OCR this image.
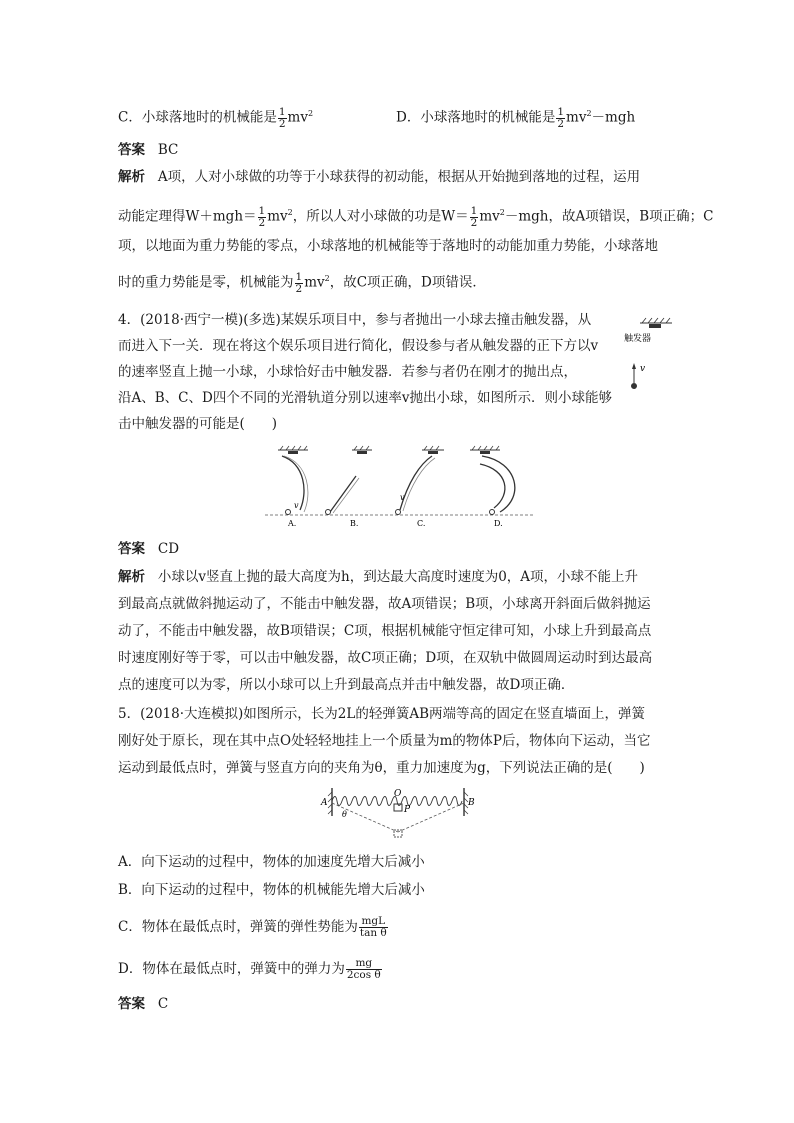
C．小球落地时的机械能是 $\frac{1}{2} mv^2$	D．小球落地时的机械能是 $\frac{1}{2} mv^2-mgh$
答案 BC
解析 A项，人对小球做的功等于小球获得的初动能，根据从开始抛到落地的过程，运用
动能定理得$W+mgh= \frac{1}{2} mv^2$，所以人对小球做的功是$W= \frac{1}{2} mv^2-mgh$，故A项错误，B项正确；C
项，以地面为重力势能的零点，小球落地的机械能等于落地时的动能加重力势能，小球落地
时的重力势能是零，机械能为 $\frac{1}{2} mv^2$，故C项正确，D项错误．
4．(2018·西宁一模)(多选)某娱乐项目中，参与者抛出一小球去撞击触发器，从
而进入下一关．现在将这个娱乐项目进行简化，假设参与者从触发器的正下方以v
的速率竖直上抛一小球，小球恰好击中触发器．若参与者仍在刚才的抛出点，
沿A、B、C、D四个不同的光滑轨道分别以速率v抛出小球，如图所示．则小球能够
击中触发器的可能是(　　)
触发器
v
v
A.	B.
v
C.	D.
答案 CD
解析 小球以v竖直上抛的最大高度为h，到达最大高度时速度为0，A项，小球不能上升
到最高点就做斜抛运动了，不能击中触发器，故A项错误；B项，小球离开斜面后做斜抛运
动了，不能击中触发器，故B项错误；C项，根据机械能守恒定律可知，小球上升到最高点
时速度刚好等于零，可以击中触发器，故C项正确；D项，在双轨中做圆周运动时到达最高
点的速度可以为零，所以小球可以上升到最高点并击中触发器，故D项正确．
5．(2018·大连模拟)如图所示，长为2L的轻弹簧AB两端等高的固定在竖直墙面上，弹簧
刚好处于原长，现在其中点O处轻轻地挂上一个质量为m的物体P后，物体向下运动，当它
运动到最低点时，弹簧与竖直方向的夹角为θ，重力加速度为g，下列说法正确的是(　　)
A	B
O
P
θ
A．向下运动的过程中，物体的加速度先增大后减小
B．向下运动的过程中，物体的机械能先增大后减小
C．物体在最低点时，弹簧的弹性势能为 $\frac{\text{mgL}}{\text{tan θ}}$
D．物体在最低点时，弹簧中的弹力为 $\frac{mg}{\text{2cos θ}}$
答案 C
